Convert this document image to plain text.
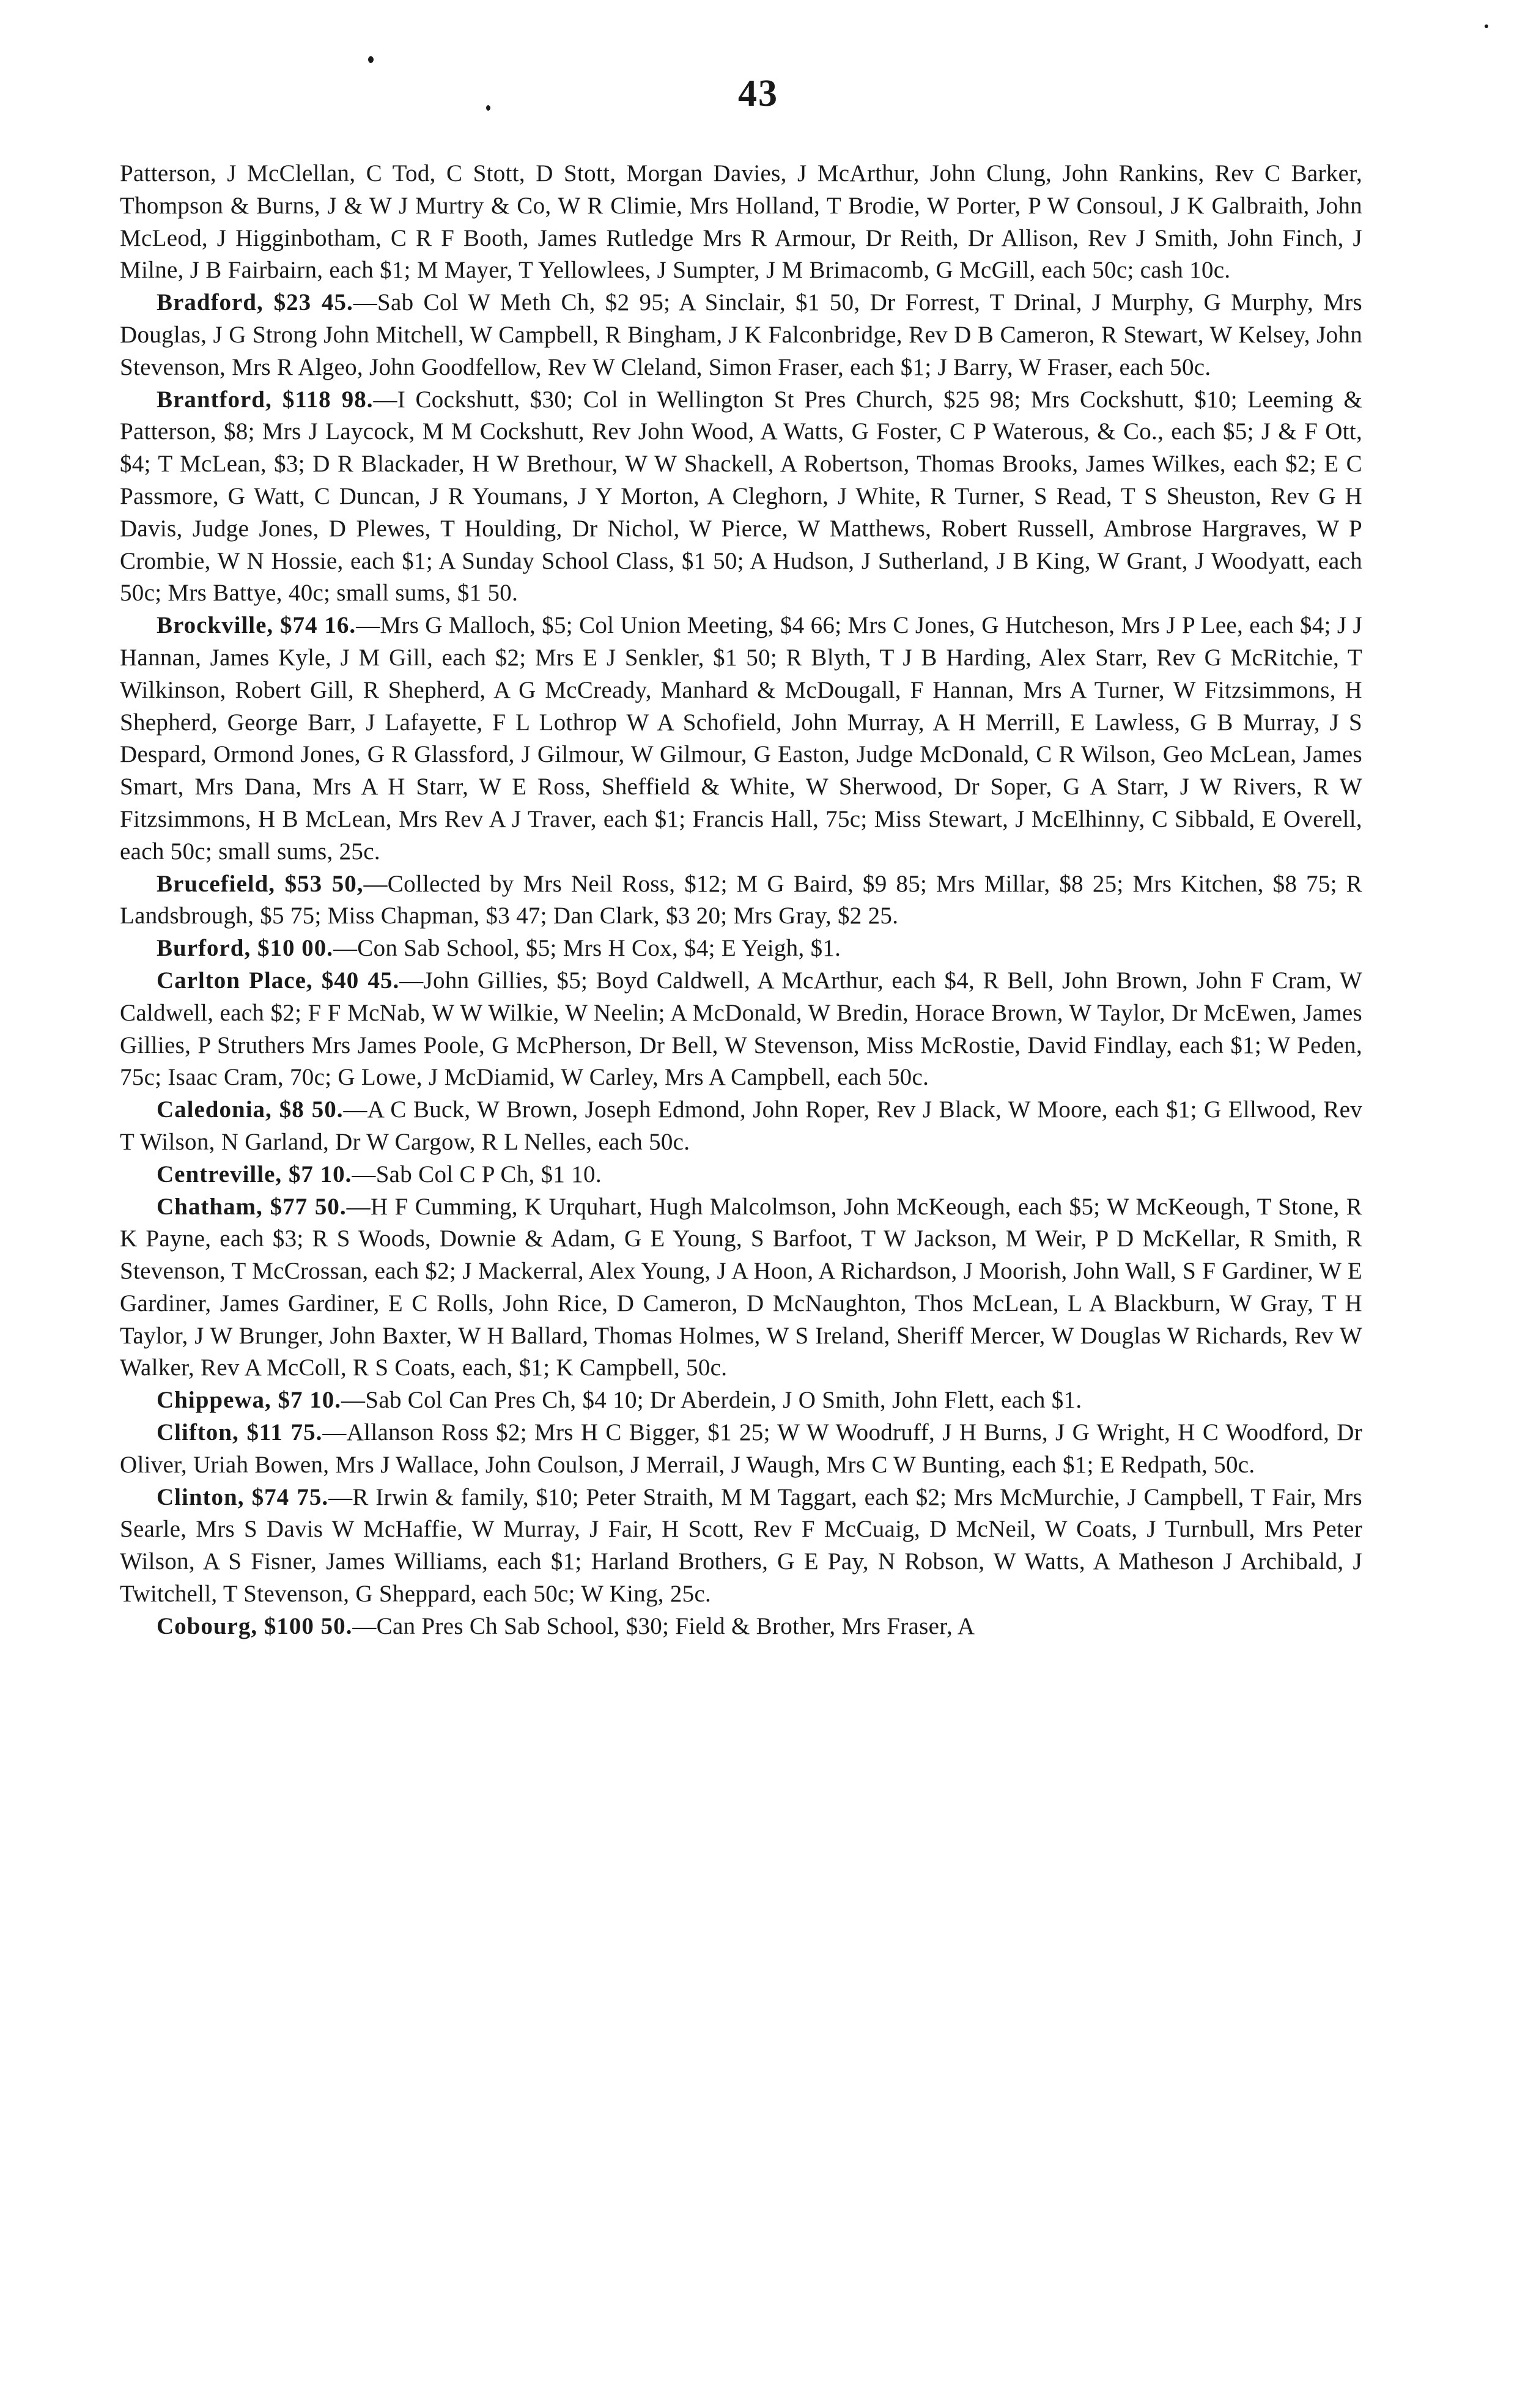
43

Patterson, J McClellan, C Tod, C Stott, D Stott, Morgan Davies, J McArthur, John Clung, John Rankins, Rev C Barker, Thompson & Burns, J & W J Murtry & Co, W R Climie, Mrs Holland, T Brodie, W Porter, P W Consoul, J K Galbraith, John McLeod, J Higginbotham, C R F Booth, James Rutledge Mrs R Armour, Dr Reith, Dr Allison, Rev J Smith, John Finch, J Milne, J B Fairbairn, each $1; M Mayer, T Yellowlees, J Sumpter, J M Brimacomb, G McGill, each 50c; cash 10c.

Bradford, $23 45.—Sab Col W Meth Ch, $2 95; A Sinclair, $1 50, Dr Forrest, T Drinal, J Murphy, G Murphy, Mrs Douglas, J G Strong John Mitchell, W Campbell, R Bingham, J K Falconbridge, Rev D B Cameron, R Stewart, W Kelsey, John Stevenson, Mrs R Algeo, John Goodfellow, Rev W Cleland, Simon Fraser, each $1; J Barry, W Fraser, each 50c.

Brantford, $118 98.—I Cockshutt, $30; Col in Wellington St Pres Church, $25 98; Mrs Cockshutt, $10; Leeming & Patterson, $8; Mrs J Laycock, M M Cockshutt, Rev John Wood, A Watts, G Foster, C P Waterous, & Co., each $5; J & F Ott, $4; T McLean, $3; D R Blackader, H W Brethour, W W Shackell, A Robertson, Thomas Brooks, James Wilkes, each $2; E C Passmore, G Watt, C Duncan, J R Youmans, J Y Morton, A Cleghorn, J White, R Turner, S Read, T S Sheuston, Rev G H Davis, Judge Jones, D Plewes, T Houlding, Dr Nichol, W Pierce, W Matthews, Robert Russell, Ambrose Hargraves, W P Crombie, W N Hossie, each $1; A Sunday School Class, $1 50; A Hudson, J Sutherland, J B King, W Grant, J Woodyatt, each 50c; Mrs Battye, 40c; small sums, $1 50.

Brockville, $74 16.—Mrs G Malloch, $5; Col Union Meeting, $4 66; Mrs C Jones, G Hutcheson, Mrs J P Lee, each $4; J J Hannan, James Kyle, J M Gill, each $2; Mrs E J Senkler, $1 50; R Blyth, T J B Harding, Alex Starr, Rev G McRitchie, T Wilkinson, Robert Gill, R Shepherd, A G McCready, Manhard & McDougall, F Hannan, Mrs A Turner, W Fitzsimmons, H Shepherd, George Barr, J Lafayette, F L Lothrop W A Schofield, John Murray, A H Merrill, E Lawless, G B Murray, J S Despard, Ormond Jones, G R Glassford, J Gilmour, W Gilmour, G Easton, Judge McDonald, C R Wilson, Geo McLean, James Smart, Mrs Dana, Mrs A H Starr, W E Ross, Sheffield & White, W Sherwood, Dr Soper, G A Starr, J W Rivers, R W Fitzsimmons, H B McLean, Mrs Rev A J Traver, each $1; Francis Hall, 75c; Miss Stewart, J McElhinny, C Sibbald, E Overell, each 50c; small sums, 25c.

Brucefield, $53 50,—Collected by Mrs Neil Ross, $12; M G Baird, $9 85; Mrs Millar, $8 25; Mrs Kitchen, $8 75; R Landsbrough, $5 75; Miss Chapman, $3 47; Dan Clark, $3 20; Mrs Gray, $2 25.

Burford, $10 00.—Con Sab School, $5; Mrs H Cox, $4; E Yeigh, $1.

Carlton Place, $40 45.—John Gillies, $5; Boyd Caldwell, A McArthur, each $4, R Bell, John Brown, John F Cram, W Caldwell, each $2; F F McNab, W W Wilkie, W Neelin; A McDonald, W Bredin, Horace Brown, W Taylor, Dr McEwen, James Gillies, P Struthers Mrs James Poole, G McPherson, Dr Bell, W Stevenson, Miss McRostie, David Findlay, each $1; W Peden, 75c; Isaac Cram, 70c; G Lowe, J McDiamid, W Carley, Mrs A Campbell, each 50c.

Caledonia, $8 50.—A C Buck, W Brown, Joseph Edmond, John Roper, Rev J Black, W Moore, each $1; G Ellwood, Rev T Wilson, N Garland, Dr W Cargow, R L Nelles, each 50c.

Centreville, $7 10.—Sab Col C P Ch, $1 10.

Chatham, $77 50.—H F Cumming, K Urquhart, Hugh Malcolmson, John McKeough, each $5; W McKeough, T Stone, R K Payne, each $3; R S Woods, Downie & Adam, G E Young, S Barfoot, T W Jackson, M Weir, P D McKellar, R Smith, R Stevenson, T McCrossan, each $2; J Mackerral, Alex Young, J A Hoon, A Richardson, J Moorish, John Wall, S F Gardiner, W E Gardiner, James Gardiner, E C Rolls, John Rice, D Cameron, D McNaughton, Thos McLean, L A Blackburn, W Gray, T H Taylor, J W Brunger, John Baxter, W H Ballard, Thomas Holmes, W S Ireland, Sheriff Mercer, W Douglas W Richards, Rev W Walker, Rev A McColl, R S Coats, each, $1; K Campbell, 50c.

Chippewa, $7 10.—Sab Col Can Pres Ch, $4 10; Dr Aberdein, J O Smith, John Flett, each $1.

Clifton, $11 75.—Allanson Ross $2; Mrs H C Bigger, $1 25; W W Woodruff, J H Burns, J G Wright, H C Woodford, Dr Oliver, Uriah Bowen, Mrs J Wallace, John Coulson, J Merrail, J Waugh, Mrs C W Bunting, each $1; E Redpath, 50c.

Clinton, $74 75.—R Irwin & family, $10; Peter Straith, M M Taggart, each $2; Mrs McMurchie, J Campbell, T Fair, Mrs Searle, Mrs S Davis W McHaffie, W Murray, J Fair, H Scott, Rev F McCuaig, D McNeil, W Coats, J Turnbull, Mrs Peter Wilson, A S Fisner, James Williams, each $1; Harland Brothers, G E Pay, N Robson, W Watts, A Matheson J Archibald, J Twitchell, T Stevenson, G Sheppard, each 50c; W King, 25c.

Cobourg, $100 50.—Can Pres Ch Sab School, $30; Field & Brother, Mrs Fraser, A
